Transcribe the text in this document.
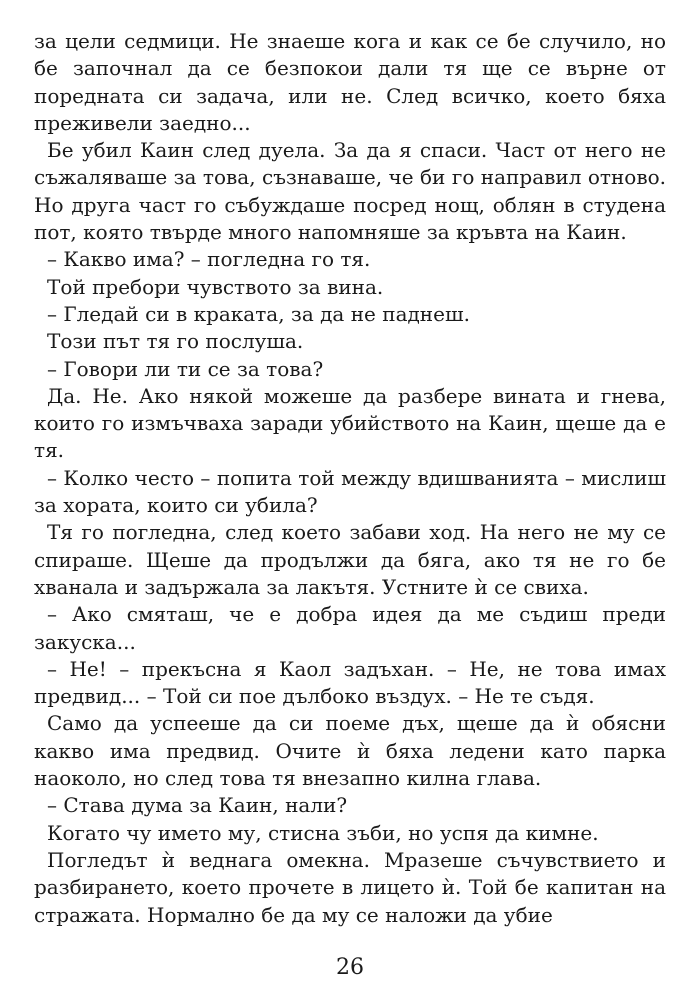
за цели седмици. Не знаеше кога и как се бе случило, но бе започнал да се безпокои дали тя ще се върне от поредната си задача, или не. След всичко, което бяха преживели заедно...

Бе убил Каин след дуела. За да я спаси. Част от него не съжаляваше за това, съзнаваше, че би го направил отново. Но друга част го събуждаше посред нощ, облян в студена пот, която твърде много напомняше за кръвта на Каин.

– Какво има? – погледна го тя.

Той пребори чувството за вина.

– Гледай си в краката, за да не паднеш.

Този път тя го послуша.

– Говори ли ти се за това?

Да. Не. Ако някой можеше да разбере вината и гнева, които го измъчваха заради убийството на Каин, щеше да е тя.

– Колко често – попита той между вдишванията – мислиш за хората, които си убила?

Тя го погледна, след което забави ход. На него не му се спираше. Щеше да продължи да бяга, ако тя не го бе хванала и задържала за лакътя. Устните ѝ се свиха.

– Ако смяташ, че е добра идея да ме съдиш преди закуска...

– Не! – прекъсна я Каол задъхан. – Не, не това имах предвид... – Той си пое дълбоко въздух. – Не те съдя.

Само да успееше да си поеме дъх, щеше да ѝ обясни какво има предвид. Очите ѝ бяха ледени като парка наоколо, но след това тя внезапно килна глава.

– Става дума за Каин, нали?

Когато чу името му, стисна зъби, но успя да кимне.

Погледът ѝ веднага омекна. Мразеше съчувствието и разбирането, което прочете в лицето ѝ. Той бе капитан на стражата. Нормално бе да му се наложи да убие

26
